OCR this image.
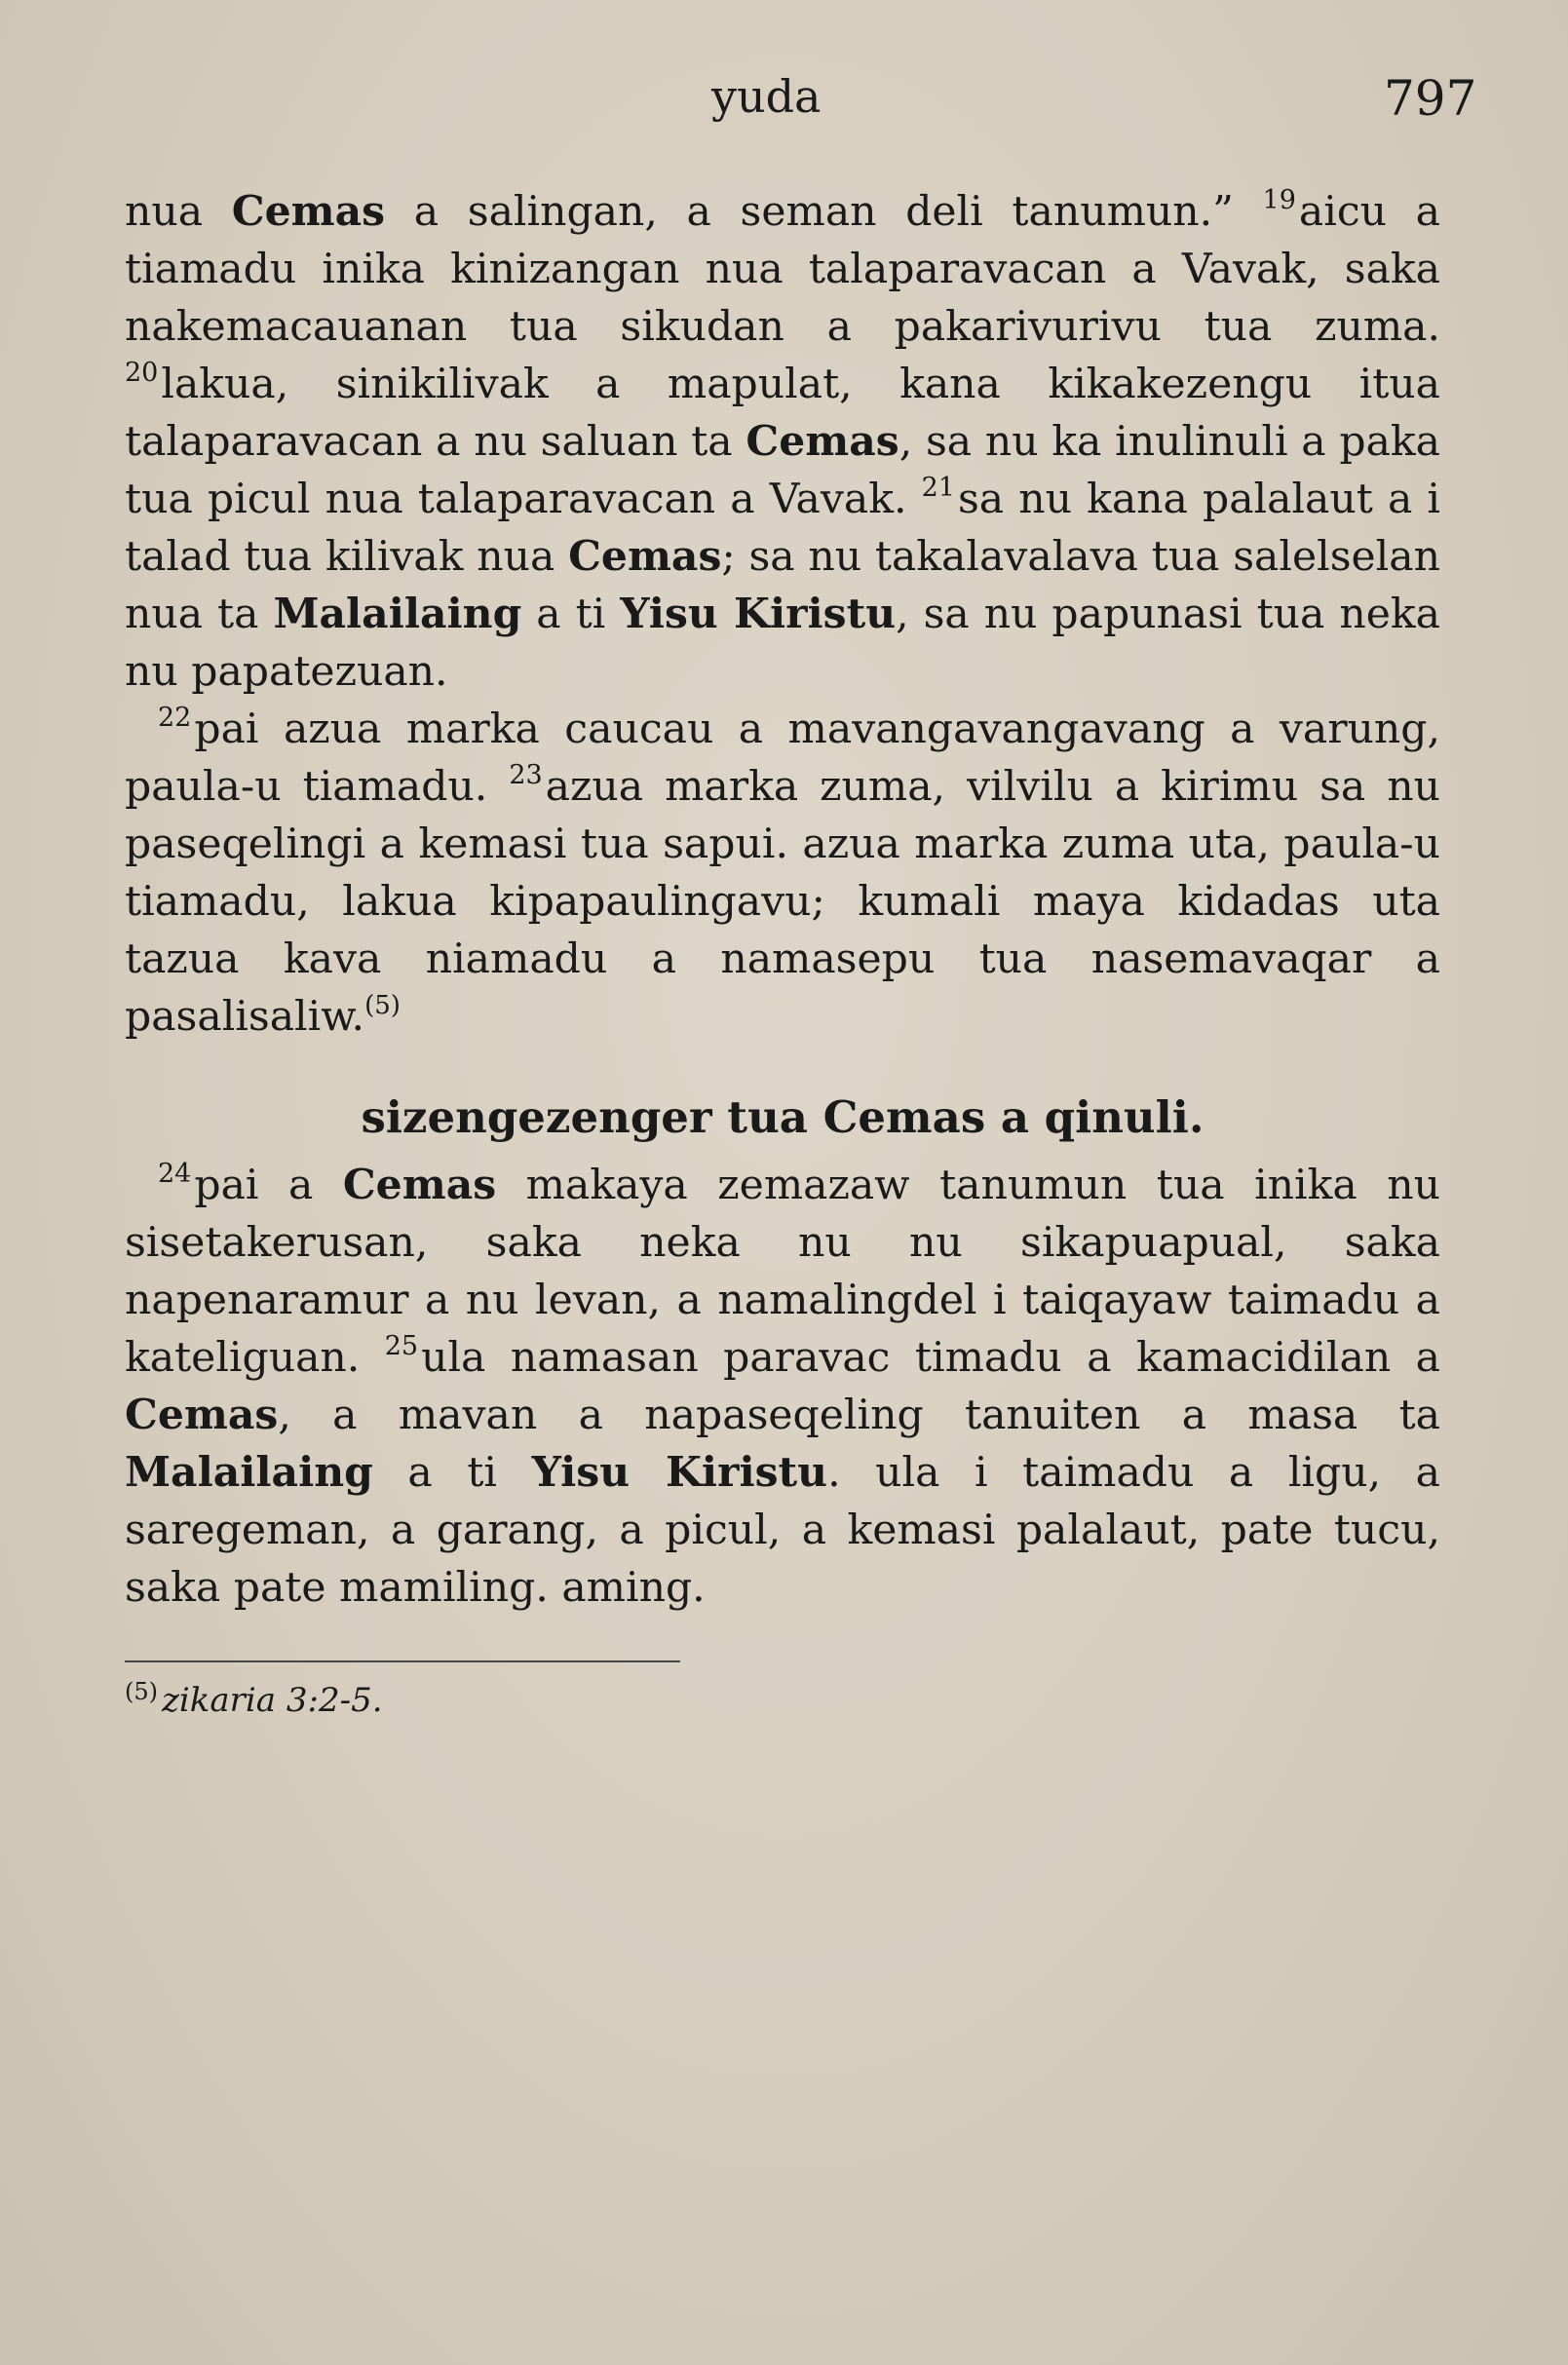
yuda	797

nua Cemas a salingan, a seman deli tanumun.” $^{19}$aicu a tiamadu inika kinizangan nua talaparavacan a Vavak, saka nakemacauanan tua sikudan a pakarivurivu tua zuma. $^{20}$lakua, sinikilivak a mapulat, kana kikakezengu itua talaparavacan a nu saluan ta Cemas, sa nu ka inulinuli a paka tua picul nua talaparavacan a Vavak. $^{21}$sa nu kana palalaut a i talad tua kilivak nua Cemas; sa nu takalavalava tua salelselan nua ta Malailaing a ti Yisu Kiristu, sa nu papunasi tua neka nu papatezuan.

$^{22}$pai azua marka caucau a mavangavangavang a varung, paula-u tiamadu. $^{23}$azua marka zuma, vilvilu a kirimu sa nu paseqelingi a kemasi tua sapui. azua marka zuma uta, paula-u tiamadu, lakua kipapaulingavu; kumali maya kidadas uta tazua kava niamadu a namasepu tua nasemavaqar a pasalisaliw.$^{(5)}$

sizengezenger tua Cemas a qinuli.

$^{24}$pai a Cemas makaya zemazaw tanumun tua inika nu sisetakerusan, saka neka nu nu sikapuapual, saka napenaramur a nu levan, a namalingdel i taiqayaw taimadu a kateliguan. $^{25}$ula namasan paravac timadu a kamacidilan a Cemas, a mavan a napaseqeling tanuiten a masa ta Malailaing a ti Yisu Kiristu. ula i taimadu a ligu, a saregeman, a garang, a picul, a kemasi palalaut, pate tucu, saka pate mamiling. aming.

$^{(5)}$ zikaria 3:2-5.
